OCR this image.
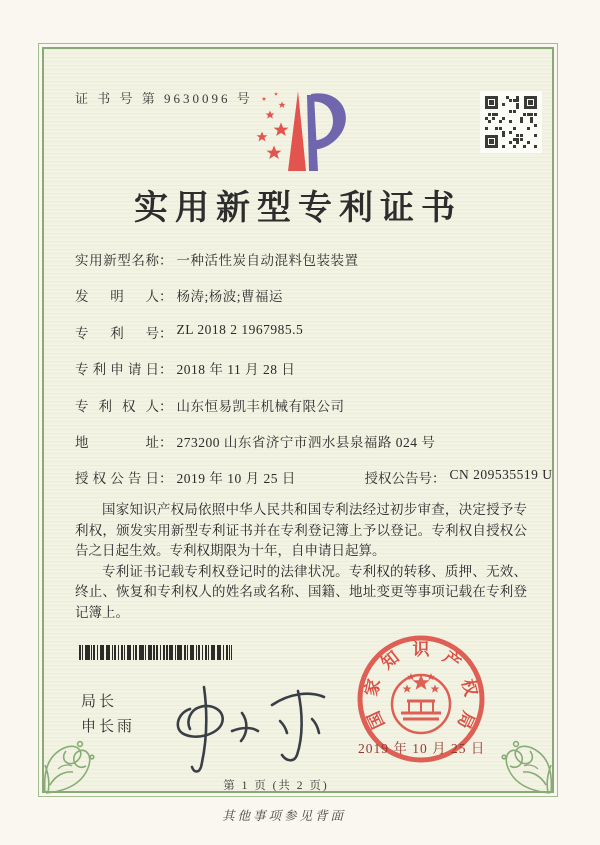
证 书 号 第 9630096 号
实用新型专利证书
实用新型名称： 一种活性炭自动混料包装装置
发明人： 杨涛;杨波;曹福运
专利号： ZL 2018 2 1967985.5
专利申请日： 2018 年 11 月 28 日
专利权人： 山东恒易凯丰机械有限公司
地址： 273200 山东省济宁市泗水县泉福路 024 号
授权公告日： 2019 年 10 月 25 日	授权公告号： CN 209535519 U

国家知识产权局依照中华人民共和国专利法经过初步审查，决定授予专利权，颁发实用新型专利证书并在专利登记簿上予以登记。专利权自授权公告之日起生效。专利权期限为十年，自申请日起算。

专利证书记载专利权登记时的法律状况。专利权的转移、质押、无效、终止、恢复和专利权人的姓名或名称、国籍、地址变更等事项记载在专利登记簿上。

局长
申长雨	国
家
知 识 产
权
局
2019 年 10 月 25 日
第 1 页 (共 2 页)
其他事项参见背面
